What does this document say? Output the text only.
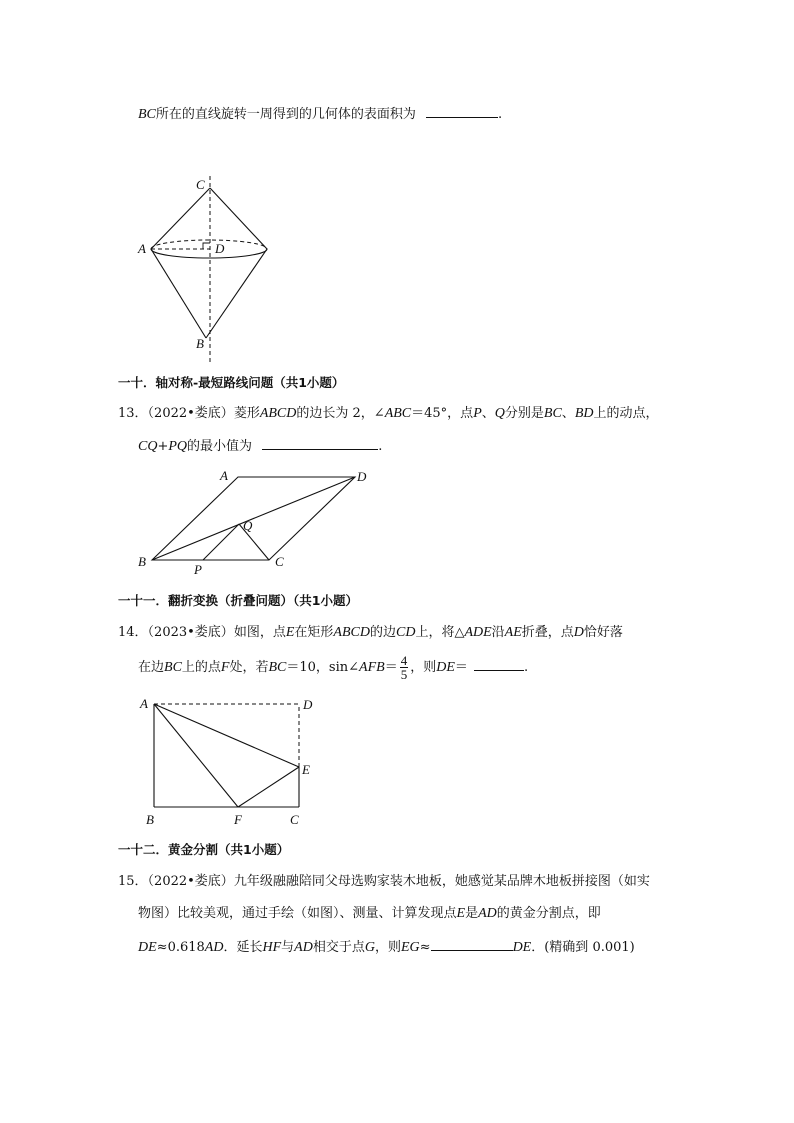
BC所在的直线旋转一周得到的几何体的表面积为	.
C
A	D
B
一十．轴对称-最短路线问题（共1小题）
13．（2022•娄底）菱形ABCD的边长为 2，∠ABC＝45°，点P、Q分别是BC、BD上的动点，
CQ+PQ的最小值为	.
A	D
Q
B
P
C
一十一．翻折变换（折叠问题）（共1小题）
14．（2023•娄底）如图，点E在矩形ABCD的边CD上，将△ADE沿AE折叠，点D恰好落
在边BC上的点F处，若BC＝10，sin∠AFB＝ $\frac{4}{5}$ ，则DE＝	.
A	D
E
B	F	C
一十二．黄金分割（共1小题）
15．（2022•娄底）九年级融融陪同父母选购家装木地板，她感觉某品牌木地板拼接图（如实
物图）比较美观，通过手绘（如图）、测量、计算发现点E是AD的黄金分割点，即
DE≈0.618AD．延长HF与AD相交于点G，则EG≈	DE．(精确到 0.001)
